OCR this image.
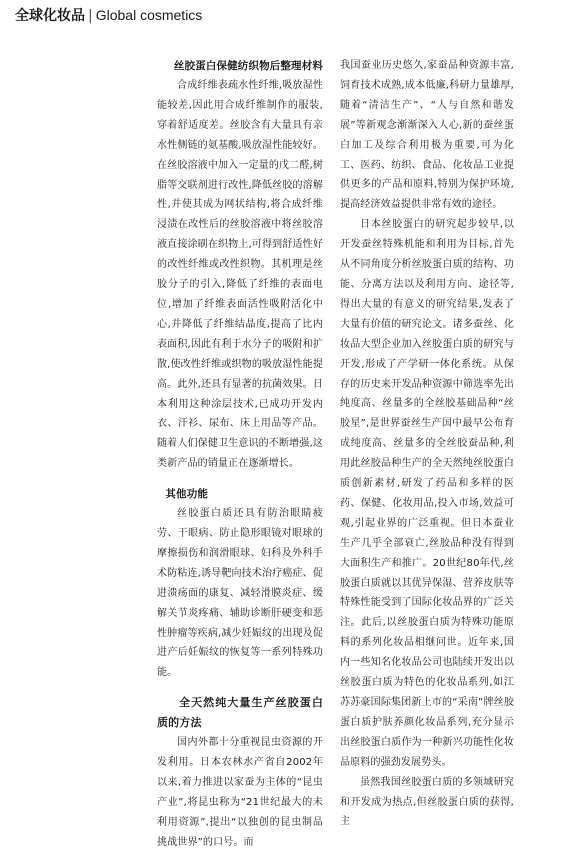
全球化妆品 | Global cosmetics
丝胶蛋白保健纺织物后整理材料

合成纤维表疏水性纤维,吸放湿性能较差,因此用合成纤维制作的服装,穿着舒适度差。丝胶含有大量具有亲水性侧链的氨基酸,吸放湿性能较好。在丝胶溶液中加入一定量的戊二醛,树脂等交联剂进行改性,降低丝胶的溶解性,并使其成为网状结构,将合成纤维浸渍在改性后的丝胶溶液中将丝胶溶液直接涂刷在织物上,可得到舒适性好的改性纤维或改性织物。其机理是丝胶分子的引入,降低了纤维的表面电位,增加了纤维表面活性吸附活化中心,并降低了纤维结晶度,提高了比内表面积,因此有利于水分子的吸附和扩散,使改性纤维或织物的吸放湿性能提高。此外,还具有显著的抗菌效果。日本利用这种涂层技术,已成功开发内衣、汗衫、尿布、床上用品等产品。随着人们保健卫生意识的不断增强,这类新产品的销量正在逐渐增长。

其他功能

丝胶蛋白质还具有防治眼睛疲劳、干眼病、防止隐形眼镜对眼球的摩擦损伤和润滑眼球、妇科及外科手术防粘连,诱导靶向技术治疗癌症、促进溃疡面的康复、减轻滑膜炎症、缓解关节炎疼痛、辅助诊断肝硬变和恶性肿瘤等疾病,减少妊娠纹的出现及促进产后妊娠纹的恢复等一系列特殊功能。

全天然纯大量生产丝胶蛋白质的方法

国内外都十分重视昆虫资源的开发利用。日本农林水产省自2002年以来,着力推进以家蚕为主体的“昆虫产业”,将昆虫称为“21世纪最大的未利用资源”,提出“以独创的昆虫制品挑战世界”的口号。而

我国蚕业历史悠久,家蚕品种资源丰富,饲育技术成熟,成本低廉,科研力量雄厚,随着“清洁生产”、“人与自然和谐发展”等新观念渐渐深入人心,新的蚕丝蛋白加工及综合利用极为重要,可为化工、医药、纺织、食品、化妆品工业提供更多的产品和原料,特别为保护环境,提高经济效益提供非常有效的途径。

日本丝胶蛋白的研究起步较早,以开发蚕丝特殊机能和利用为目标,首先从不同角度分析丝胶蛋白质的结构、功能、分离方法以及利用方向、途径等,得出大量的有意义的研究结果,发表了大量有价值的研究论文。诸多蚕丝、化妆品大型企业加入丝胶蛋白质的研究与开发,形成了产学研一体化系统。从保存的历史来开发品种资源中筛选率先出纯度高、丝量多的全丝胶基础品种“丝胶星”,是世界蚕丝生产国中最早公布育成纯度高、丝量多的全丝胶蚕品种,利用此丝胶品种生产的全天然纯丝胶蛋白质创新素材,研发了药品和多样的医药、保健、化妆用品,投入市场,效益可观,引起业界的广泛重视。但日本蚕业生产几乎全部衰亡,丝胶品种没有得到大面积生产和推广。20世纪80年代,丝胶蛋白质就以其优异保湿、营养皮肤等特殊性能受到了国际化妆品界的广泛关注。此后,以丝胶蛋白质为特殊功能原料的系列化妆品相继问世。近年来,国内一些知名化妆品公司也陆续开发出以丝胶蛋白质为特色的化妆品系列,如江苏苏豪国际集团新上市的“采南”牌丝胶蛋白质护肤养颜化妆品系列,充分显示出丝胶蛋白质作为一种新兴功能性化妆品原料的强劲发展势头。

虽然我国丝胶蛋白质的多领域研究和开发成为热点,但丝胶蛋白质的获得,主
